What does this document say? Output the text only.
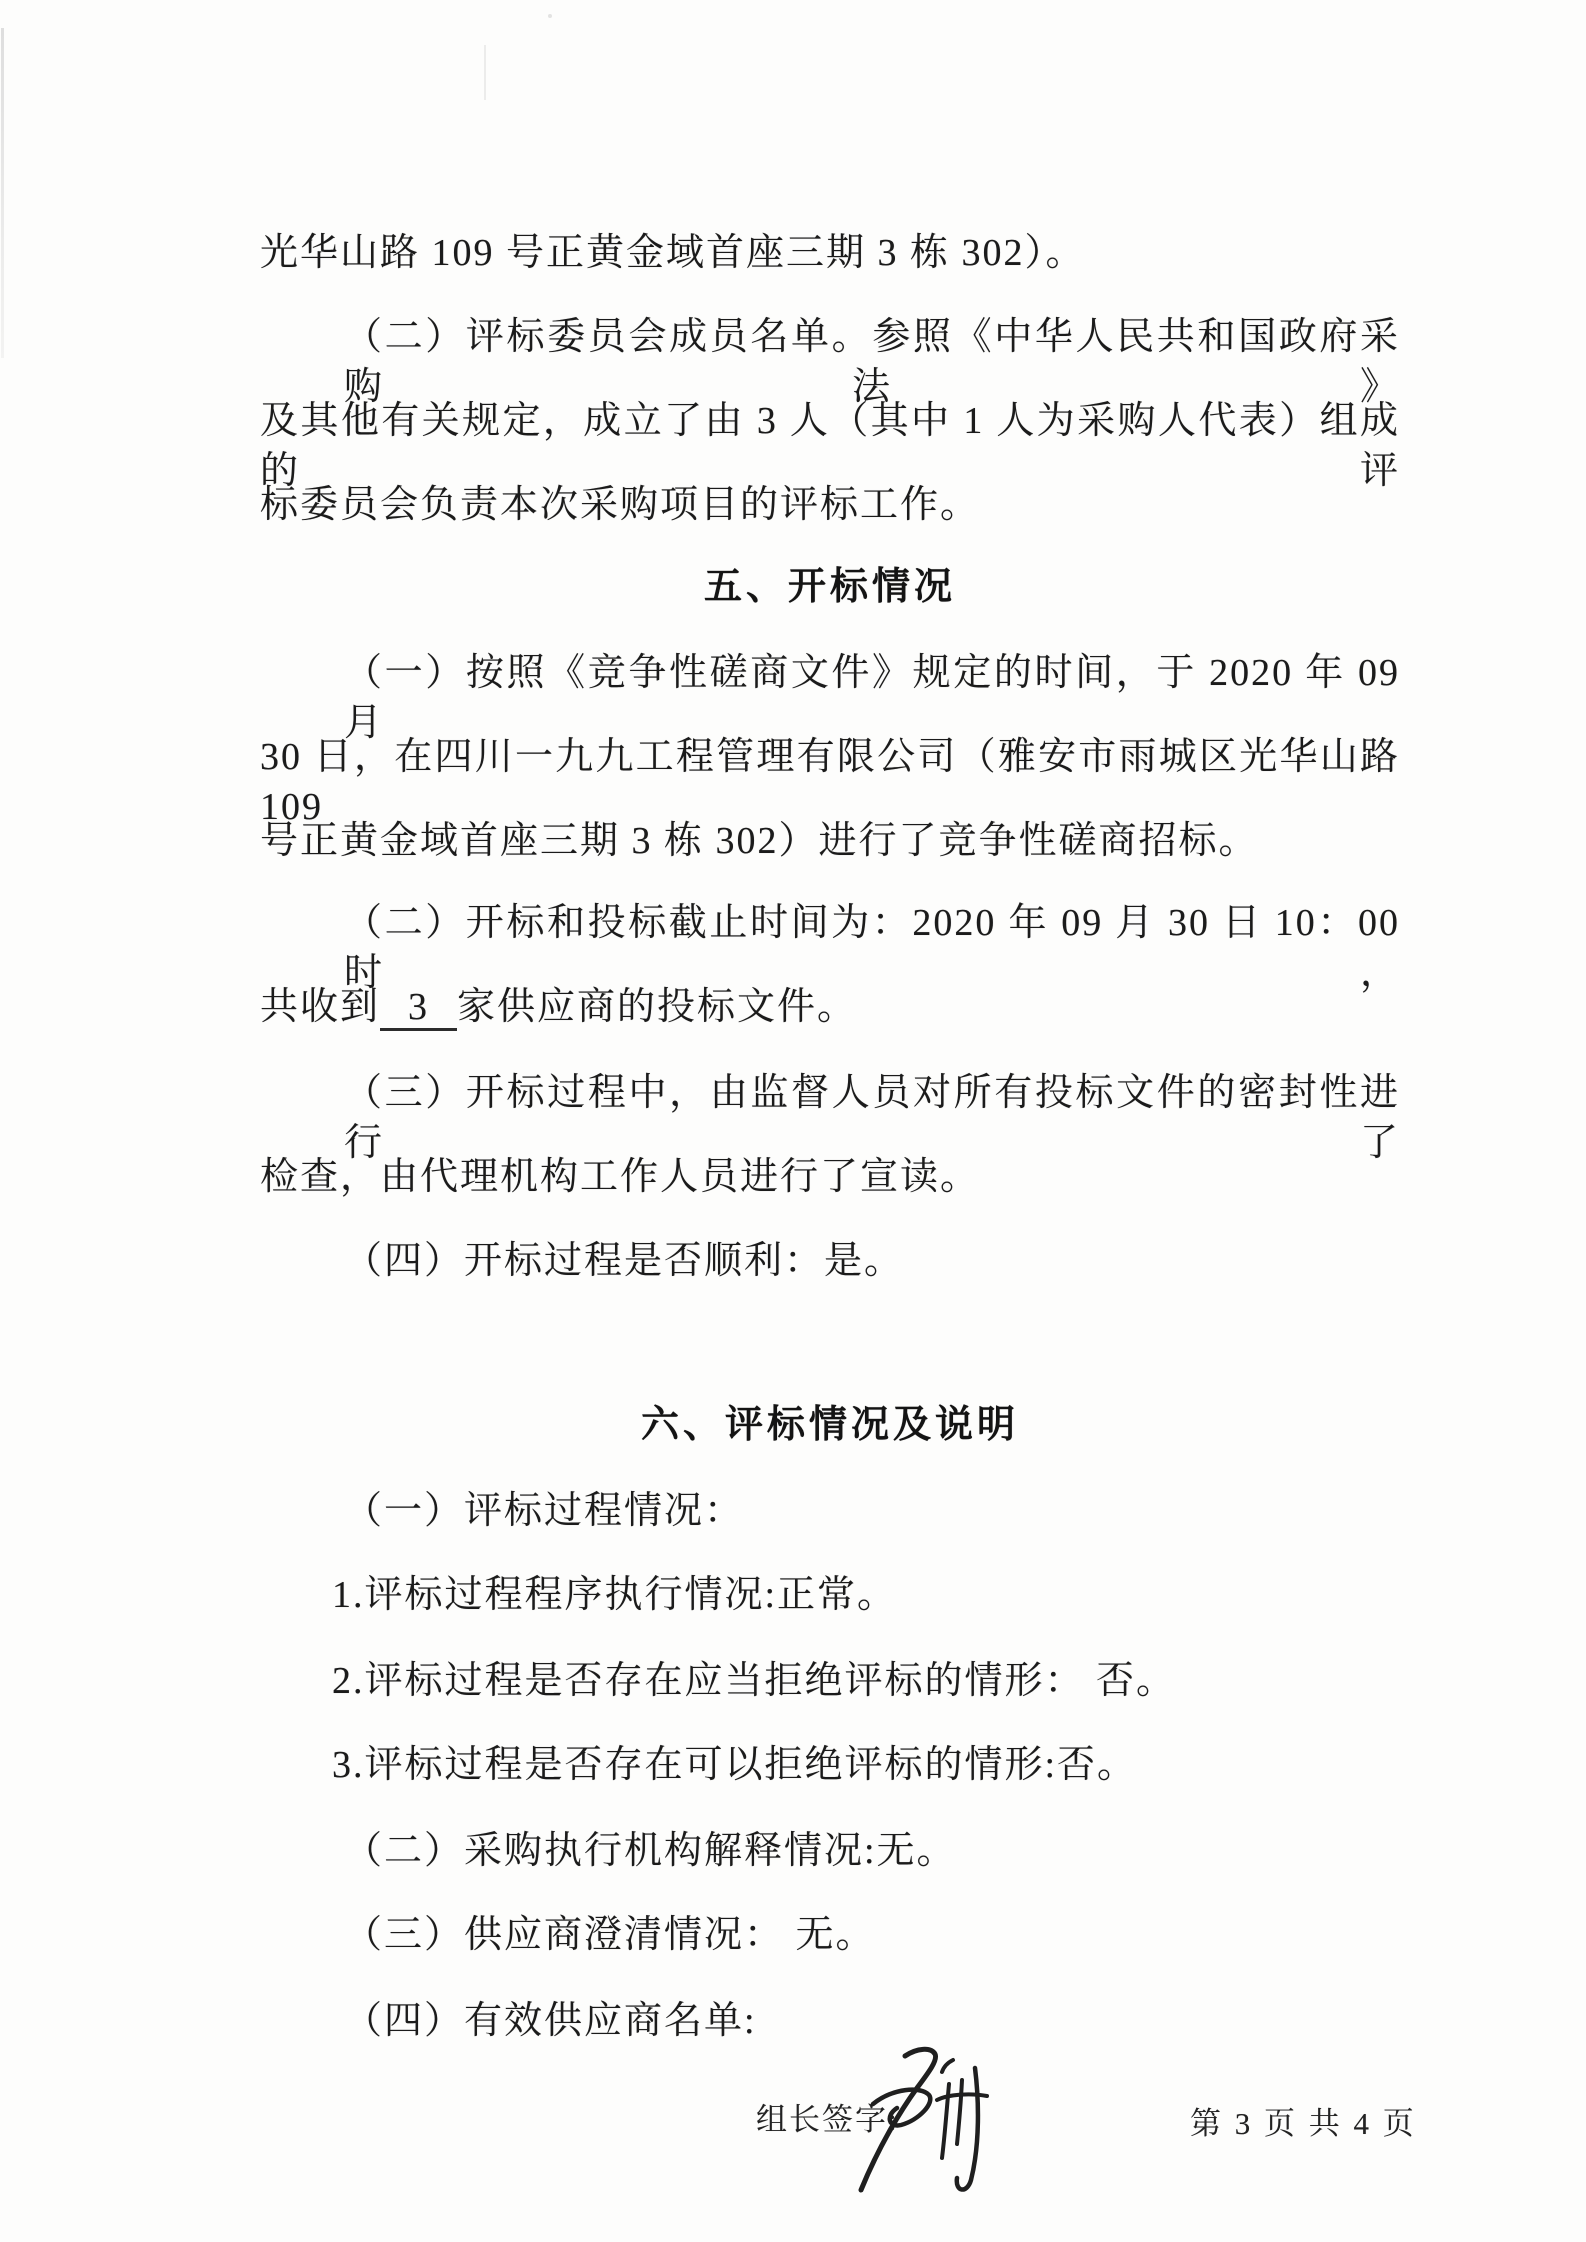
光华山路 109 号正黄金域首座三期 3 栋 302）。
（二）评标委员会成员名单。参照《中华人民共和国政府采购法》
及其他有关规定，成立了由 3 人（其中 1 人为采购人代表）组成的评
标委员会负责本次采购项目的评标工作。
五、开标情况
（一）按照《竞争性磋商文件》规定的时间，于 2020 年 09 月
30 日，在四川一九九工程管理有限公司（雅安市雨城区光华山路 109
号正黄金域首座三期 3 栋 302）进行了竞争性磋商招标。
（二）开标和投标截止时间为：2020 年 09 月 30 日 10：00 时，
共收到 3 家供应商的投标文件。
（三）开标过程中，由监督人员对所有投标文件的密封性进行了
检查，由代理机构工作人员进行了宣读。
（四）开标过程是否顺利：是。
六、评标情况及说明
（一）评标过程情况：
1.评标过程程序执行情况:正常。
2.评标过程是否存在应当拒绝评标的情形： 否。
3.评标过程是否存在可以拒绝评标的情形:否。
（二）采购执行机构解释情况:无。
（三）供应商澄清情况： 无。
（四）有效供应商名单:
组长签字:	第 3 页 共 4 页
